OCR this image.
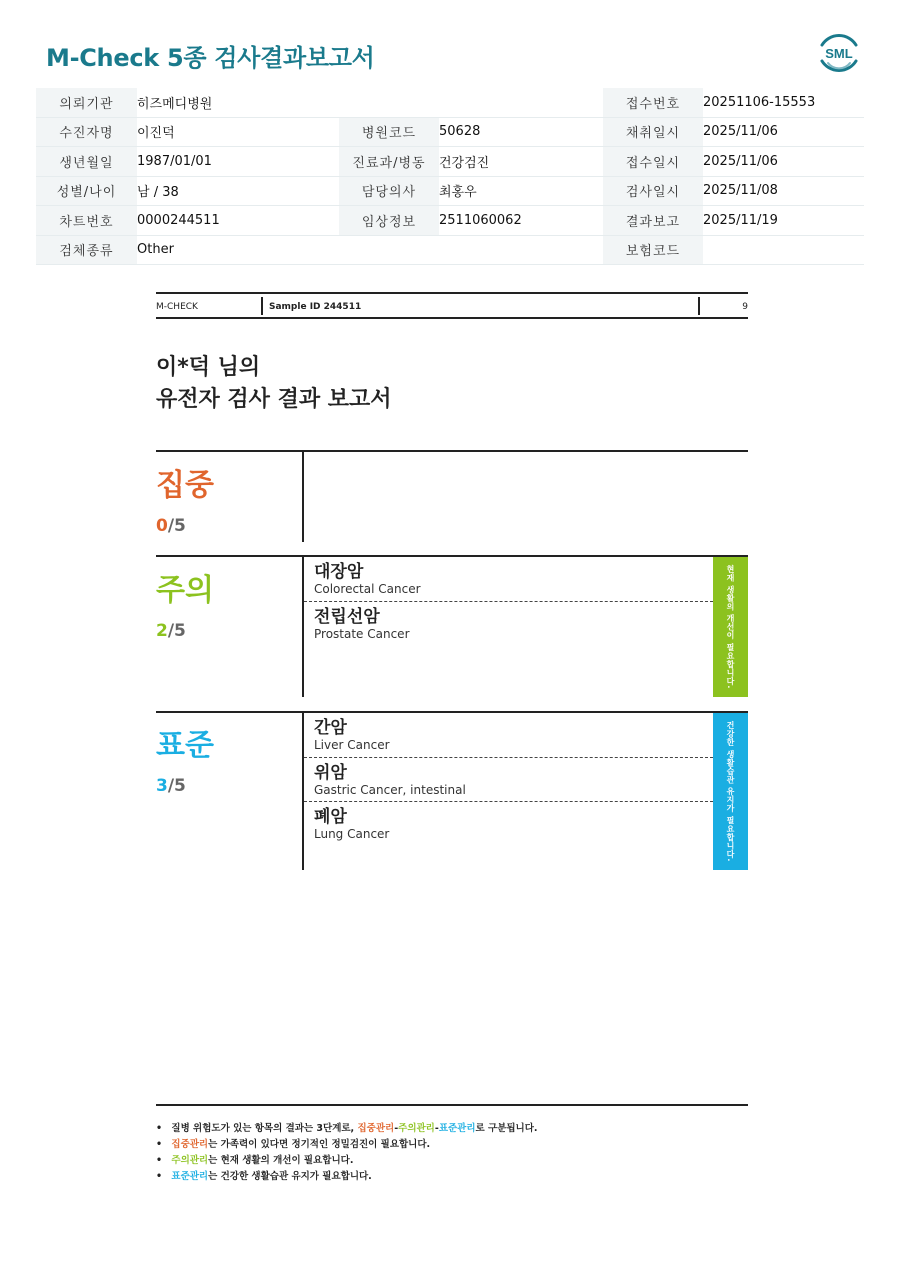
M-Check 5종 검사결과보고서	SML
의뢰기관	히즈메디병원			접수번호	20251106-15553
수진자명	이진덕	병원코드	50628	채취일시	2025/11/06
생년월일	1987/01/01	진료과/병동	건강검진	접수일시	2025/11/06
성별/나이	남 / 38	담당의사	최홍우	검사일시	2025/11/08
차트번호	0000244511	임상정보	2511060062	결과보고	2025/11/19
검체종류	Other			보험코드	
M-CHECK	Sample ID 244511	9
이*덕 님의
유전자 검사 결과 보고서
집중
0/5
주의
2/5
대장암
Colorectal Cancer
전립선암
Prostate Cancer	현재 생활의 개선이 필요합니다.
표준
3/5
간암
Liver Cancer
위암
Gastric Cancer, intestinal
폐암
Lung Cancer	건강한 생활습관 유지가 필요합니다.
• 질병 위험도가 있는 항목의 결과는 3단계로, 집중관리-주의관리-표준관리로 구분됩니다.
• 집중관리는 가족력이 있다면 정기적인 정밀검진이 필요합니다.
• 주의관리는 현재 생활의 개선이 필요합니다.
• 표준관리는 건강한 생활습관 유지가 필요합니다.
